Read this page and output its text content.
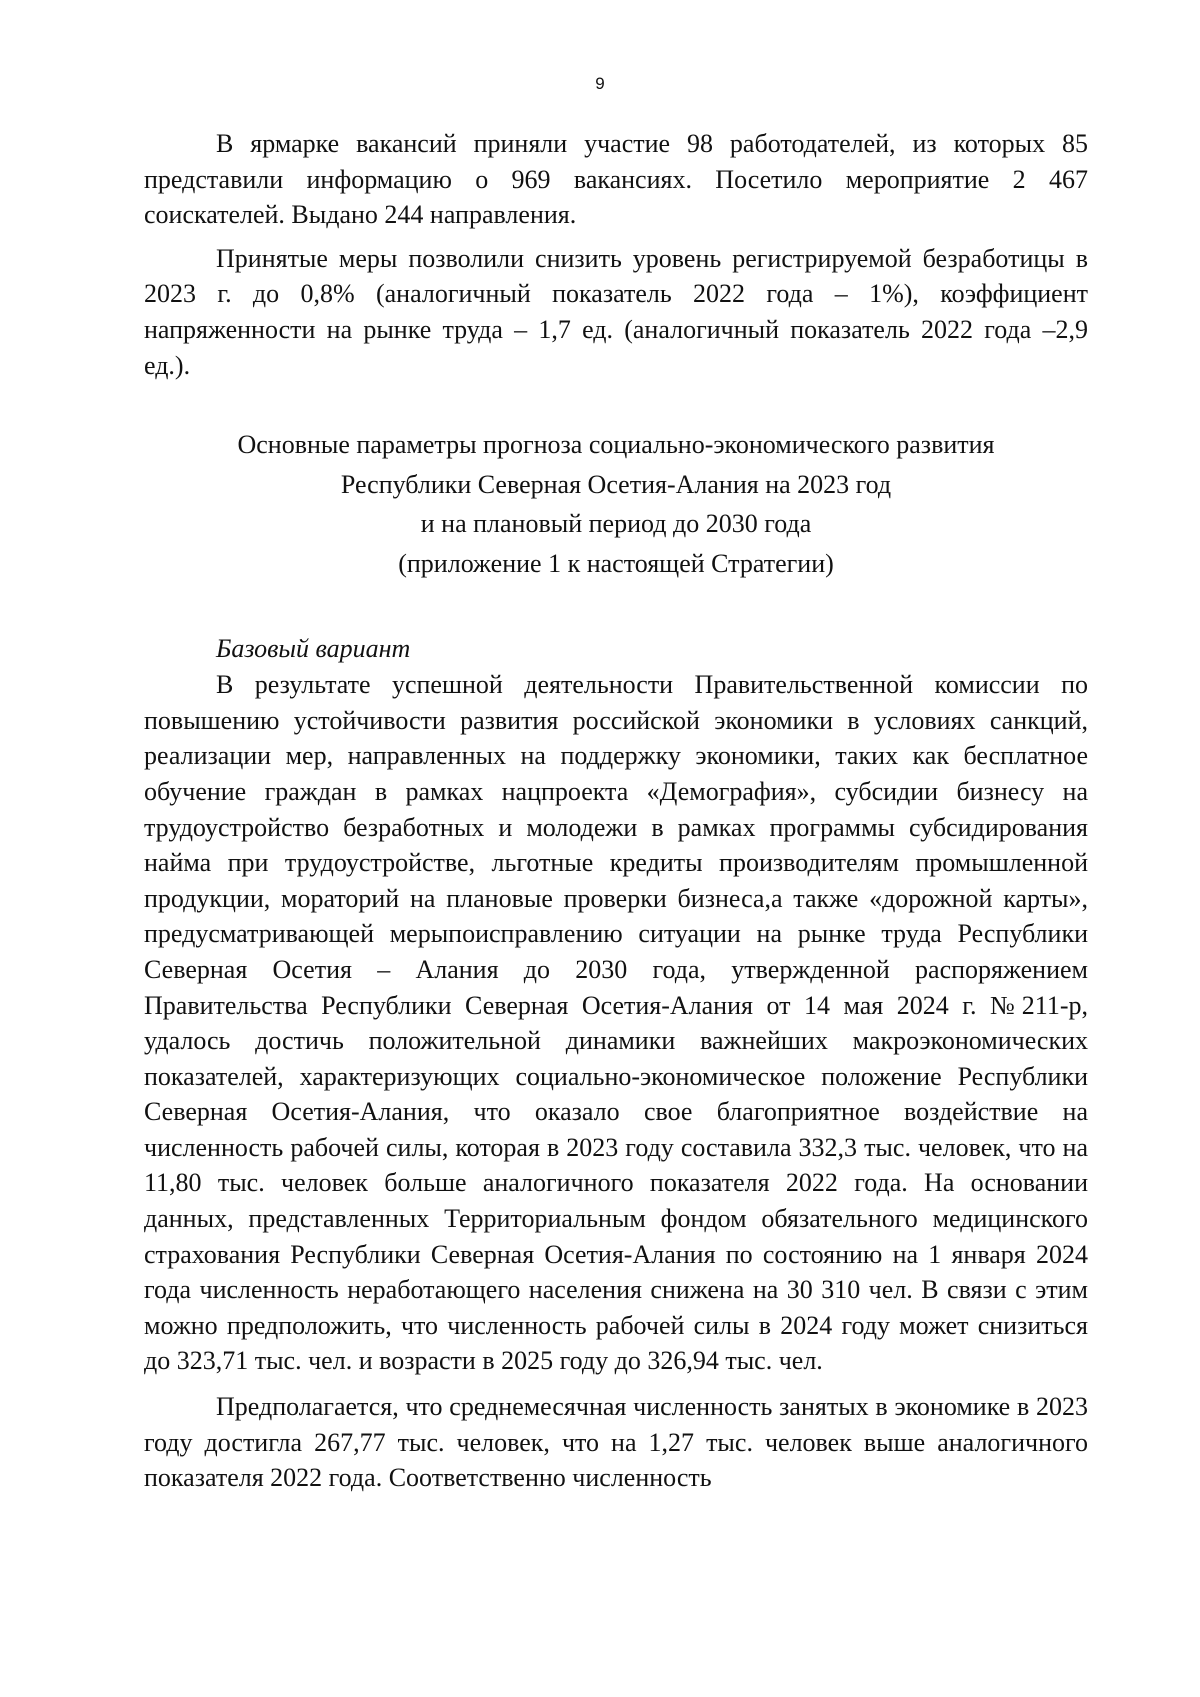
9

В ярмарке вакансий приняли участие 98 работодателей, из которых 85 представили информацию о 969 вакансиях. Посетило мероприятие 2 467 соискателей. Выдано 244 направления.

Принятые меры позволили снизить уровень регистрируемой безработицы в 2023 г. до 0,8% (аналогичный показатель 2022 года – 1%), коэффициент напряженности на рынке труда – 1,7 ед. (аналогичный показатель 2022 года –2,9 ед.).

Основные параметры прогноза социально-экономического развития
Республики Северная Осетия-Алания на 2023 год
и на плановый период до 2030 года
(приложение 1 к настоящей Стратегии)
Базовый вариант

В результате успешной деятельности Правительственной комиссии по повышению устойчивости развития российской экономики в условиях санкций, реализации мер, направленных на поддержку экономики, таких как бесплатное обучение граждан в рамках нацпроекта «Демография», субсидии бизнесу на трудоустройство безработных и молодежи в рамках программы субсидирования найма при трудоустройстве, льготные кредиты производителям промышленной продукции, мораторий на плановые проверки бизнеса,а также «дорожной карты», предусматривающей мерыпоисправлению ситуации на рынке труда Республики Северная Осетия – Алания до 2030 года, утвержденной распоряжением Правительства Республики Северная Осетия-Алания от 14 мая 2024 г. №211-р, удалось достичь положительной динамики важнейших макроэкономических показателей, характеризующих социально-экономическое положение Республики Северная Осетия-Алания, что оказало свое благоприятное воздействие на численность рабочей силы, которая в 2023 году составила 332,3 тыс. человек, что на 11,80 тыс. человек больше аналогичного показателя 2022 года. На основании данных, представленных Территориальным фондом обязательного медицинского страхования Республики Северная Осетия-Алания по состоянию на 1 января 2024 года численность неработающего населения снижена на 30 310 чел. В связи с этим можно предположить, что численность рабочей силы в 2024 году может снизиться до 323,71 тыс. чел. и возрасти в 2025 году до 326,94 тыс. чел.

Предполагается, что среднемесячная численность занятых в экономике в 2023 году достигла 267,77 тыс. человек, что на 1,27 тыс. человек выше аналогичного показателя 2022 года. Соответственно численность
